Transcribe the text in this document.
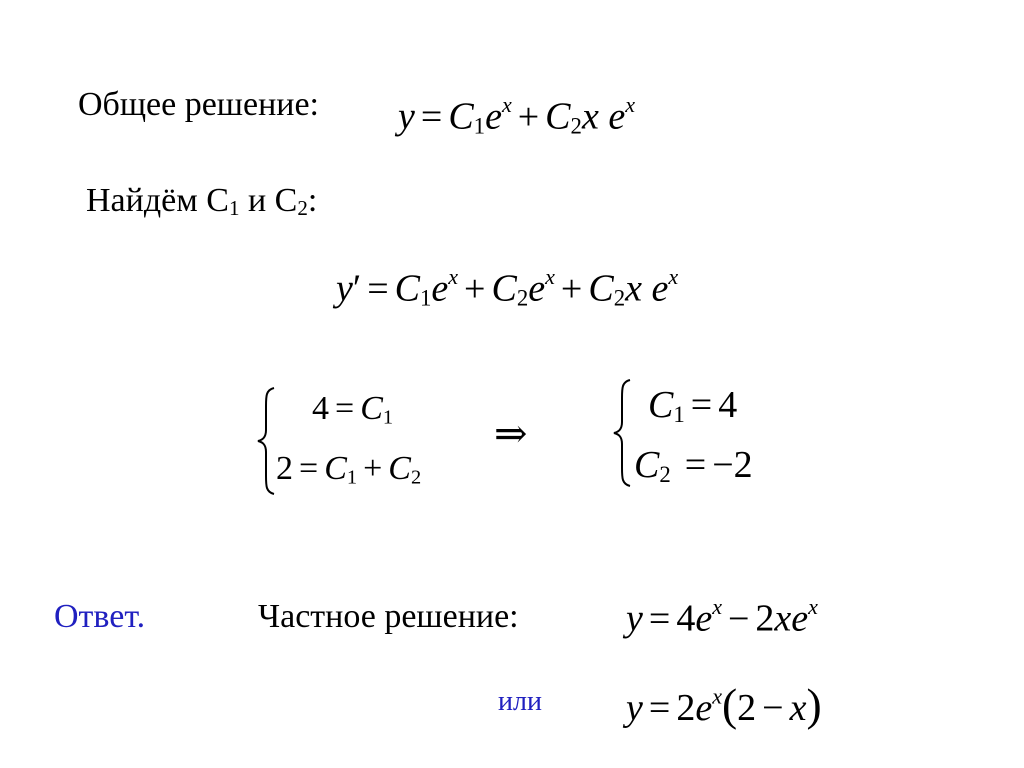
Общее решение: $y = C_1e^x + C_2x$ $e^x$
Найдём $C_1$ и $C_2$:
$y' = C_1e^x + C_2e^x + C_2x$ $e^x$
$4 = C_1$
$2 = C_1 + C_2$
⇒
$C_1 = 4$
$C_2 = -2$
Ответ.	Частное решение:	$y = 4e^x - 2xe^x$
или $y = 2e^x(2 - x)$
